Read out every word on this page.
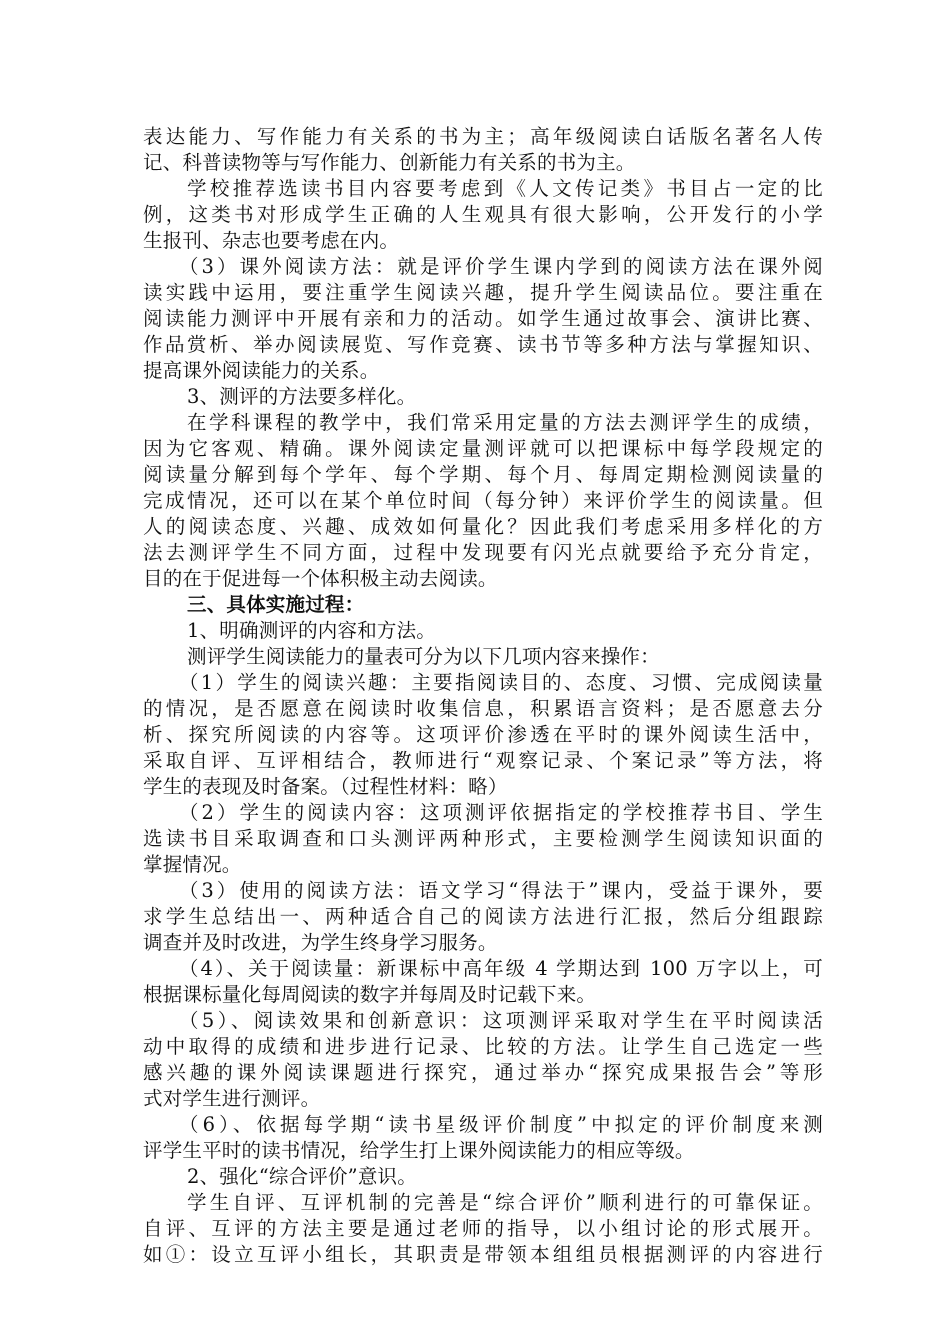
表达能力、写作能力有关系的书为主；高年级阅读白话版名著名人传
记、科普读物等与写作能力、创新能力有关系的书为主。
学校推荐选读书目内容要考虑到《人文传记类》书目占一定的比
例，这类书对形成学生正确的人生观具有很大影响，公开发行的小学
生报刊、杂志也要考虑在内。
（3）课外阅读方法：就是评价学生课内学到的阅读方法在课外阅
读实践中运用，要注重学生阅读兴趣，提升学生阅读品位。要注重在
阅读能力测评中开展有亲和力的活动。如学生通过故事会、演讲比赛、
作品赏析、举办阅读展览、写作竞赛、读书节等多种方法与掌握知识、
提高课外阅读能力的关系。
3、测评的方法要多样化。
在学科课程的教学中，我们常采用定量的方法去测评学生的成绩，
因为它客观、精确。课外阅读定量测评就可以把课标中每学段规定的
阅读量分解到每个学年、每个学期、每个月、每周定期检测阅读量的
完成情况，还可以在某个单位时间（每分钟）来评价学生的阅读量。但
人的阅读态度、兴趣、成效如何量化？因此我们考虑采用多样化的方
法去测评学生不同方面，过程中发现要有闪光点就要给予充分肯定，
目的在于促进每一个体积极主动去阅读。
三、具体实施过程：
1、明确测评的内容和方法。
测评学生阅读能力的量表可分为以下几项内容来操作：
（1）学生的阅读兴趣：主要指阅读目的、态度、习惯、完成阅读量
的情况，是否愿意在阅读时收集信息，积累语言资料；是否愿意去分
析、探究所阅读的内容等。这项评价渗透在平时的课外阅读生活中，
采取自评、互评相结合，教师进行“观察记录、个案记录”等方法，将
学生的表现及时备案。（过程性材料：略）
（2）学生的阅读内容：这项测评依据指定的学校推荐书目、学生
选读书目采取调查和口头测评两种形式，主要检测学生阅读知识面的
掌握情况。
（3）使用的阅读方法：语文学习“得法于”课内，受益于课外，要
求学生总结出一、两种适合自己的阅读方法进行汇报，然后分组跟踪
调查并及时改进，为学生终身学习服务。
（4）、关于阅读量：新课标中高年级 4 学期达到 100 万字以上，可
根据课标量化每周阅读的数字并每周及时记载下来。
（5）、阅读效果和创新意识：这项测评采取对学生在平时阅读活
动中取得的成绩和进步进行记录、比较的方法。让学生自己选定一些
感兴趣的课外阅读课题进行探究，通过举办“探究成果报告会”等形
式对学生进行测评。
（6）、依据每学期“读书星级评价制度”中拟定的评价制度来测
评学生平时的读书情况，给学生打上课外阅读能力的相应等级。
2、强化“综合评价”意识。
学生自评、互评机制的完善是“综合评价”顺利进行的可靠保证。
自评、互评的方法主要是通过老师的指导，以小组讨论的形式展开。
如①：设立互评小组长，其职责是带领本组组员根据测评的内容进行
